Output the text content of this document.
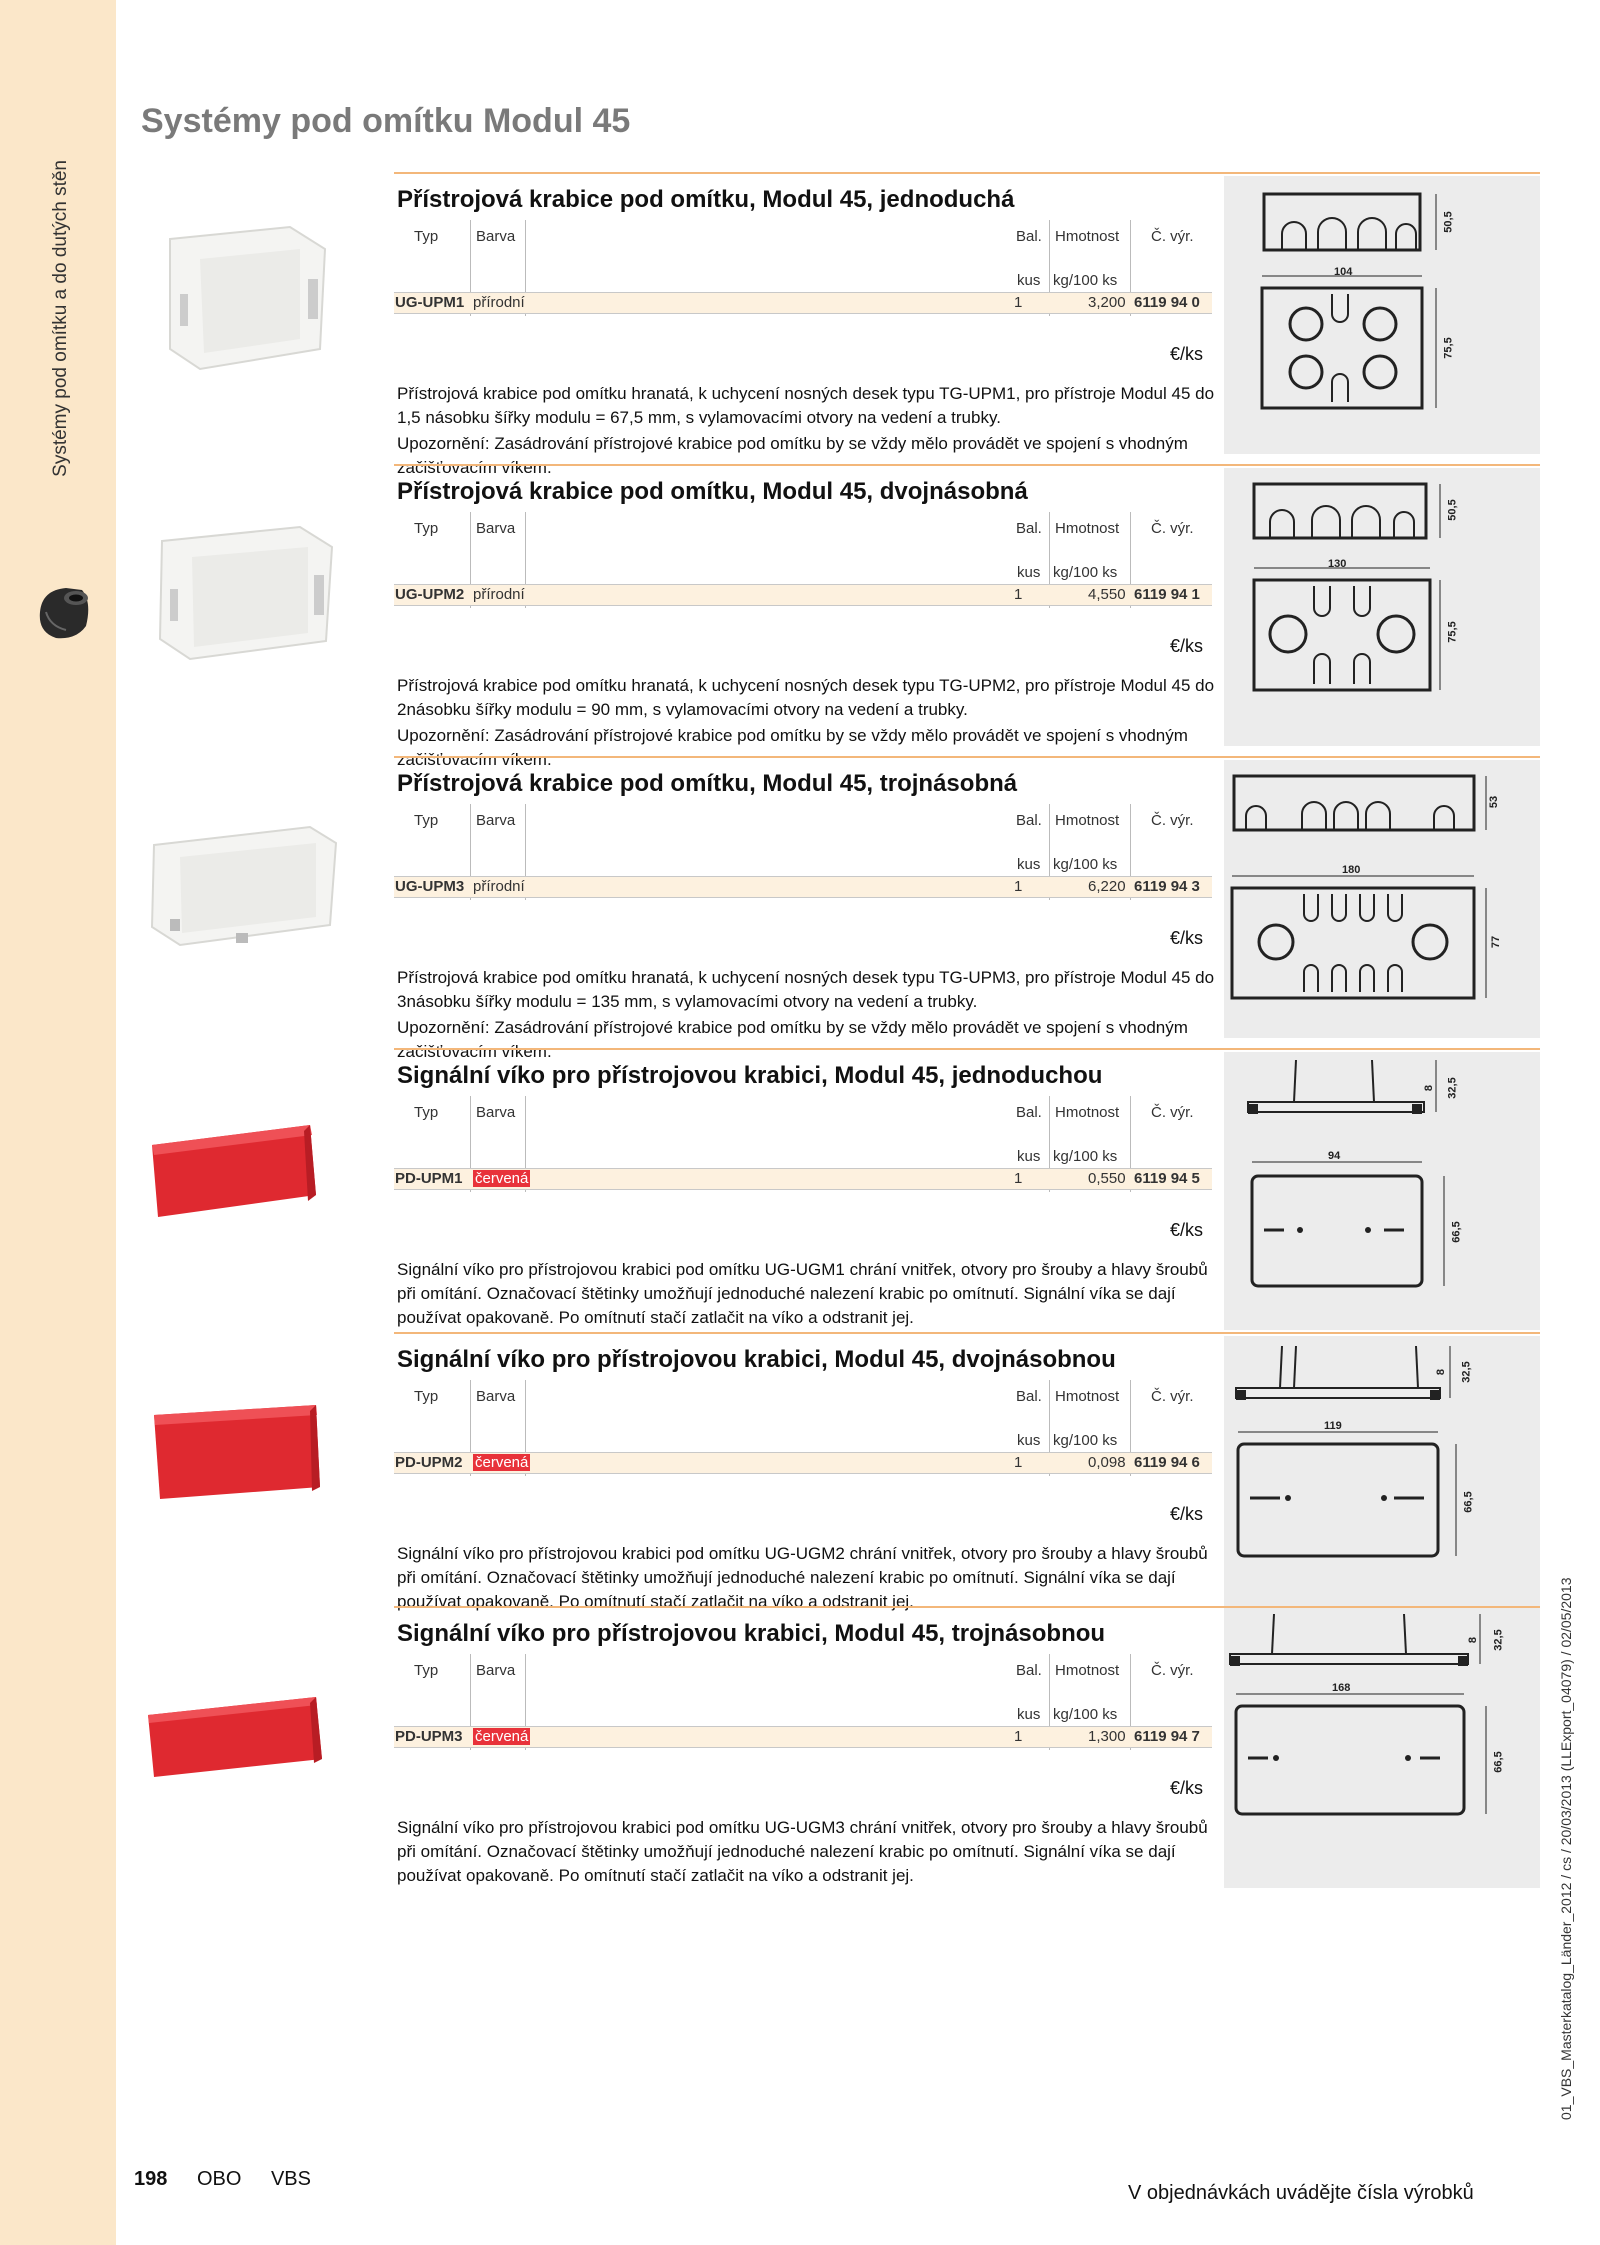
Systémy pod omítku a do dutých stěn
Systémy pod omítku Modul 45
Přístrojová krabice pod omítku, Modul 45, jednoduchá
Typ	Barva	Bal. Hmotnost Č. výr.
kus kg/100 ks
UG-UPM1 přírodní	1	3,200 6119 94 0
€/ks

Přístrojová krabice pod omítku hranatá, k uchycení nosných desek typu TG-UPM1, pro přístroje Modul 45 do 1,5 násobku šířky modulu = 67,5 mm, s vylamovacími otvory na vedení a trubky.

Upozornění: Zasádrování přístrojové krabice pod omítku by se vždy mělo provádět ve spojení s vhodným začišťovacím víkem.

104
50,5
75,5
Přístrojová krabice pod omítku, Modul 45, dvojnásobná
Typ	Barva	Bal. Hmotnost Č. výr.
kus kg/100 ks
UG-UPM2 přírodní	1	4,550 6119 94 1
€/ks

Přístrojová krabice pod omítku hranatá, k uchycení nosných desek typu TG-UPM2, pro přístroje Modul 45 do 2násobku šířky modulu = 90 mm, s vylamovacími otvory na vedení a trubky.

Upozornění: Zasádrování přístrojové krabice pod omítku by se vždy mělo provádět ve spojení s vhodným začišťovacím víkem.

130
50,5
75,5
Přístrojová krabice pod omítku, Modul 45, trojnásobná
Typ	Barva	Bal. Hmotnost Č. výr.
kus kg/100 ks
UG-UPM3 přírodní	1	6,220 6119 94 3
€/ks

Přístrojová krabice pod omítku hranatá, k uchycení nosných desek typu TG-UPM3, pro přístroje Modul 45 do 3násobku šířky modulu = 135 mm, s vylamovacími otvory na vedení a trubky.

Upozornění: Zasádrování přístrojové krabice pod omítku by se vždy mělo provádět ve spojení s vhodným začišťovacím víkem.

180
53
77
Signální víko pro přístrojovou krabici, Modul 45, jednoduchou
Typ	Barva	Bal. Hmotnost Č. výr.
kus kg/100 ks
PD-UPM1 červená	1	0,550 6119 94 5
€/ks

Signální víko pro přístrojovou krabici pod omítku UG-UGM1 chrání vnitřek, otvory pro šrouby a hlavy šroubů při omítání. Označovací štětinky umožňují jednoduché nalezení krabic po omítnutí. Signální víka se dají používat opakovaně. Po omítnutí stačí zatlačit na víko a odstranit jej.

94
8 32,5
66,5
Signální víko pro přístrojovou krabici, Modul 45, dvojnásobnou
Typ	Barva	Bal. Hmotnost Č. výr.
kus kg/100 ks
PD-UPM2 červená	1	0,098 6119 94 6
€/ks

Signální víko pro přístrojovou krabici pod omítku UG-UGM2 chrání vnitřek, otvory pro šrouby a hlavy šroubů při omítání. Označovací štětinky umožňují jednoduché nalezení krabic po omítnutí. Signální víka se dají používat opakovaně. Po omítnutí stačí zatlačit na víko a odstranit jej.

119
8 32,5
66,5
Signální víko pro přístrojovou krabici, Modul 45, trojnásobnou
Typ	Barva	Bal. Hmotnost Č. výr.
kus kg/100 ks
PD-UPM3 červená	1	1,300 6119 94 7
€/ks

Signální víko pro přístrojovou krabici pod omítku UG-UGM3 chrání vnitřek, otvory pro šrouby a hlavy šroubů při omítání. Označovací štětinky umožňují jednoduché nalezení krabic po omítnutí. Signální víka se dají používat opakovaně. Po omítnutí stačí zatlačit na víko a odstranit jej.

168
8 32,5
66,5
198 OBO VBS
V objednávkách uvádějte čísla výrobků
01_VBS_Masterkatalog_Länder_2012 / cs / 20/03/2013 (LLExport_04079) / 02/05/2013
